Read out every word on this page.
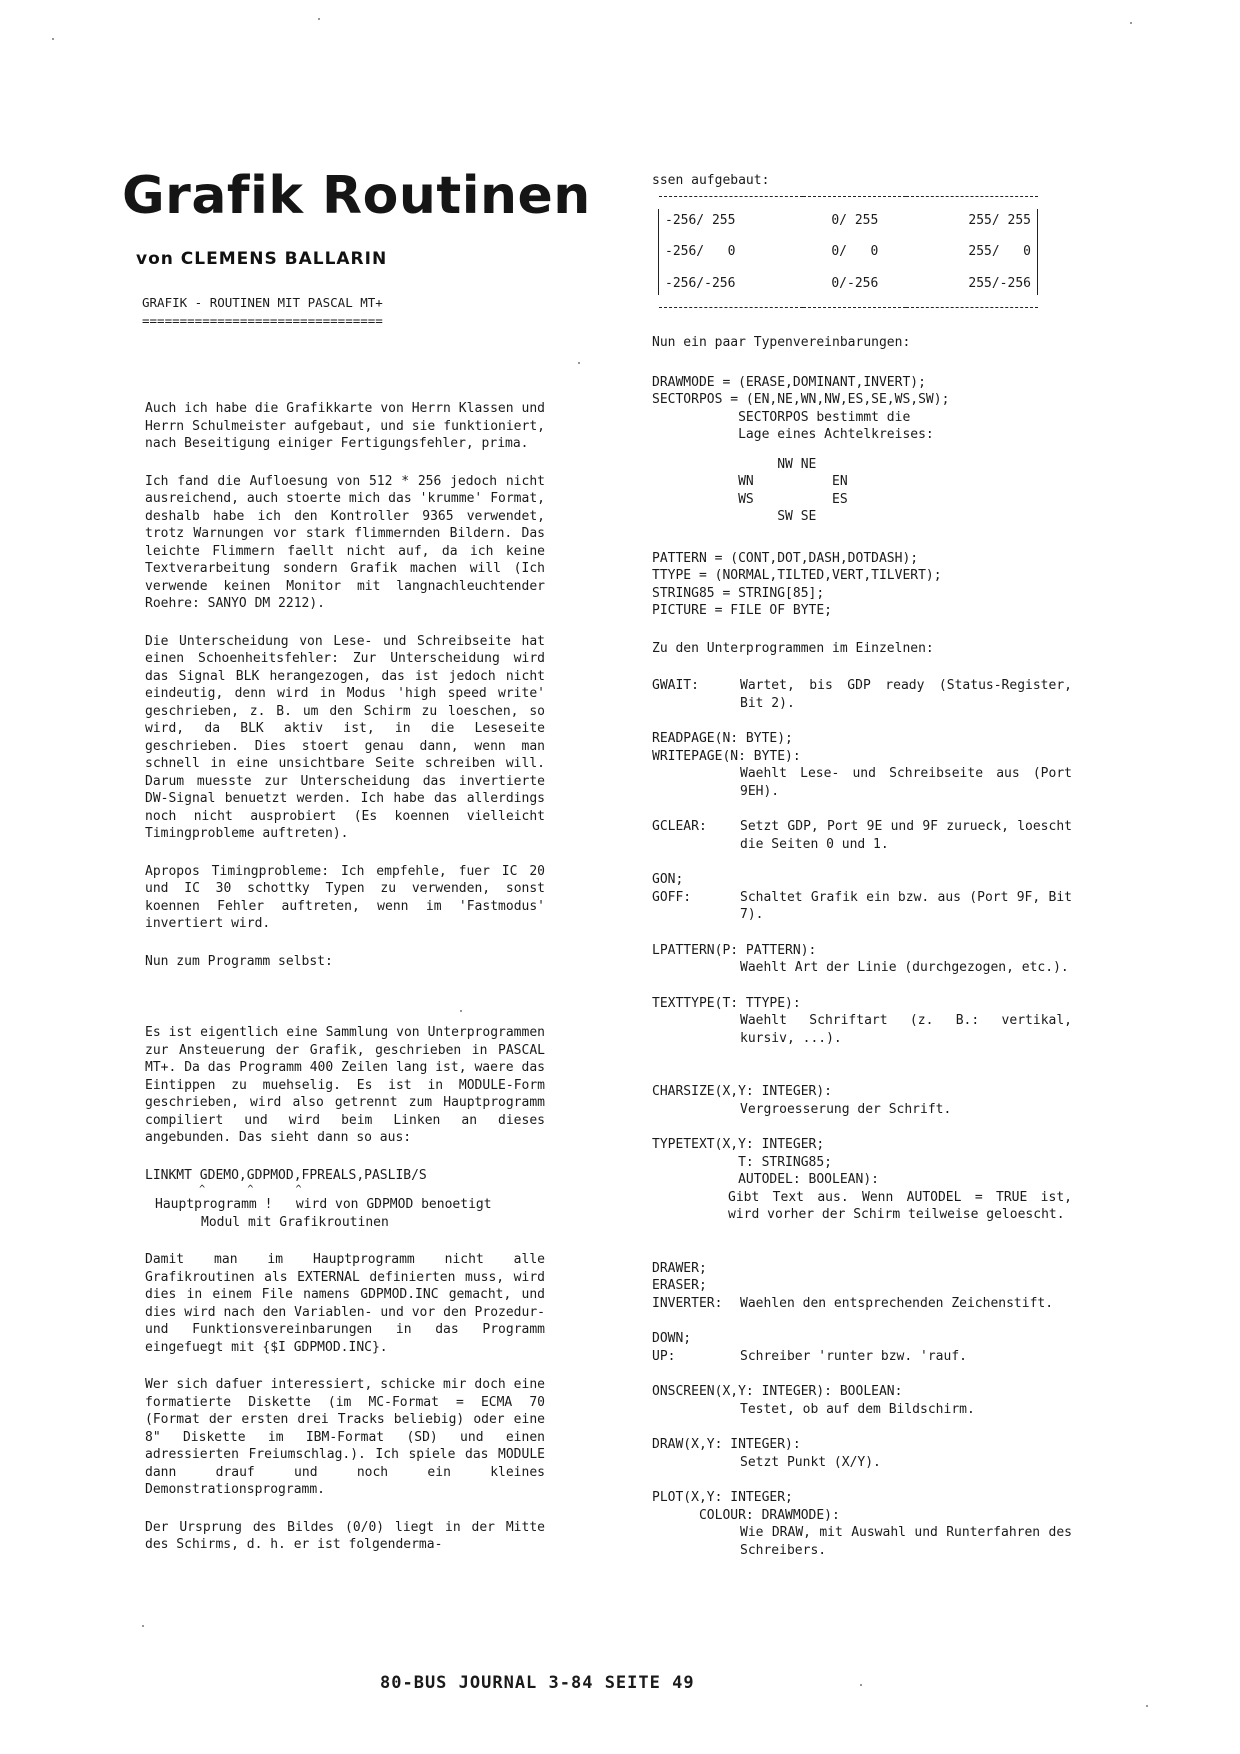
Grafik Routinen
von CLEMENS BALLARIN
GRAFIK - ROUTINEN MIT PASCAL MT+
================================

Auch ich habe die Grafikkarte von Herrn Klassen und Herrn Schulmeister aufgebaut, und sie funktioniert, nach Beseitigung einiger Fertigungsfehler, prima.

Ich fand die Aufloesung von 512 * 256 jedoch nicht ausreichend, auch stoerte mich das 'krumme' Format, deshalb habe ich den Kontroller 9365 verwendet, trotz Warnungen vor stark flimmernden Bildern. Das leichte Flimmern faellt nicht auf, da ich keine Textverarbeitung sondern Grafik machen will (Ich verwende keinen Monitor mit langnachleuchtender Roehre: SANYO DM 2212).

Die Unterscheidung von Lese- und Schreibseite hat einen Schoenheitsfehler: Zur Unterscheidung wird das Signal BLK herangezogen, das ist jedoch nicht eindeutig, denn wird in Modus 'high speed write' geschrieben, z. B. um den Schirm zu loeschen, so wird, da BLK aktiv ist, in die Leseseite geschrieben. Dies stoert genau dann, wenn man schnell in eine unsichtbare Seite schreiben will. Darum muesste zur Unterscheidung das invertierte DW-Signal benuetzt werden. Ich habe das allerdings noch nicht ausprobiert (Es koennen vielleicht Timingprobleme auftreten).

Apropos Timingprobleme: Ich empfehle, fuer IC 20 und IC 30 schottky Typen zu verwenden, sonst koennen Fehler auftreten, wenn im 'Fastmodus' invertiert wird.

Nun zum Programm selbst:

Es ist eigentlich eine Sammlung von Unterprogrammen zur Ansteuerung der Grafik, geschrieben in PASCAL MT+. Da das Programm 400 Zeilen lang ist, waere das Eintippen zu muehselig. Es ist in MODULE-Form geschrieben, wird also getrennt zum Hauptprogramm compiliert und wird beim Linken an dieses angebunden. Das sieht dann so aus:

LINKMT GDEMO,GDPMOD,FPREALS,PASLIB/S
^       ^       ^
Hauptprogramm !   wird von GDPMOD benoetigt
Modul mit Grafikroutinen

Damit man im Hauptprogramm nicht alle Grafikroutinen als EXTERNAL definierten muss, wird dies in einem File namens GDPMOD.INC gemacht, und dies wird nach den Variablen- und vor den Prozedur- und Funktionsvereinbarungen in das Programm eingefuegt mit {$I GDPMOD.INC}.

Wer sich dafuer interessiert, schicke mir doch eine formatierte Diskette (im MC-Format = ECMA 70 (Format der ersten drei Tracks beliebig) oder eine 8" Diskette im IBM-Format (SD) und einen adressierten Freiumschlag.). Ich spiele das MODULE dann drauf und noch ein kleines Demonstrationsprogramm.

Der Ursprung des Bildes (0/0) liegt in der Mitte des Schirms, d. h. er ist folgenderma-

ssen aufgebaut:

-256/ 255	0/ 255	255/ 255

-256/   0	0/   0	255/   0

-256/-256	0/-256	255/-256

Nun ein paar Typenvereinbarungen:
DRAWMODE = (ERASE,DOMINANT,INVERT);
SECTORPOS = (EN,NE,WN,NW,ES,SE,WS,SW);
SECTORPOS bestimmt die
Lage eines Achtelkreises:
NW NE
WN          EN
WS          ES
SW SE
PATTERN = (CONT,DOT,DASH,DOTDASH);
TTYPE = (NORMAL,TILTED,VERT,TILVERT);
STRING85 = STRING[85];
PICTURE = FILE OF BYTE;
Zu den Unterprogrammen im Einzelnen:
GWAIT:	Wartet, bis GDP ready (Status-Register, Bit 2).
READPAGE(N: BYTE);
WRITEPAGE(N: BYTE):
Waehlt Lese- und Schreibseite aus (Port 9EH).
GCLEAR:	Setzt GDP, Port 9E und 9F zurueck, loescht die Seiten 0 und 1.
GON;
GOFF:	Schaltet Grafik ein bzw. aus (Port 9F, Bit 7).
LPATTERN(P: PATTERN):
Waehlt Art der Linie (durchgezogen, etc.).
TEXTTYPE(T: TTYPE):
Waehlt Schriftart (z. B.: vertikal, kursiv, ...).
CHARSIZE(X,Y: INTEGER):
Vergroesserung der Schrift.
TYPETEXT(X,Y: INTEGER;
T: STRING85;
AUTODEL: BOOLEAN):
Gibt Text aus. Wenn AUTODEL = TRUE ist, wird vorher der Schirm teilweise geloescht.
DRAWER;
ERASER;
INVERTER:	Waehlen den entsprechenden Zeichenstift.
DOWN;
UP:	Schreiber 'runter bzw. 'rauf.
ONSCREEN(X,Y: INTEGER): BOOLEAN:
Testet, ob auf dem Bildschirm.
DRAW(X,Y: INTEGER):
Setzt Punkt (X/Y).
PLOT(X,Y: INTEGER;
COLOUR: DRAWMODE):
Wie DRAW, mit Auswahl und Runterfahren des Schreibers.
80-BUS JOURNAL 3-84 SEITE 49
